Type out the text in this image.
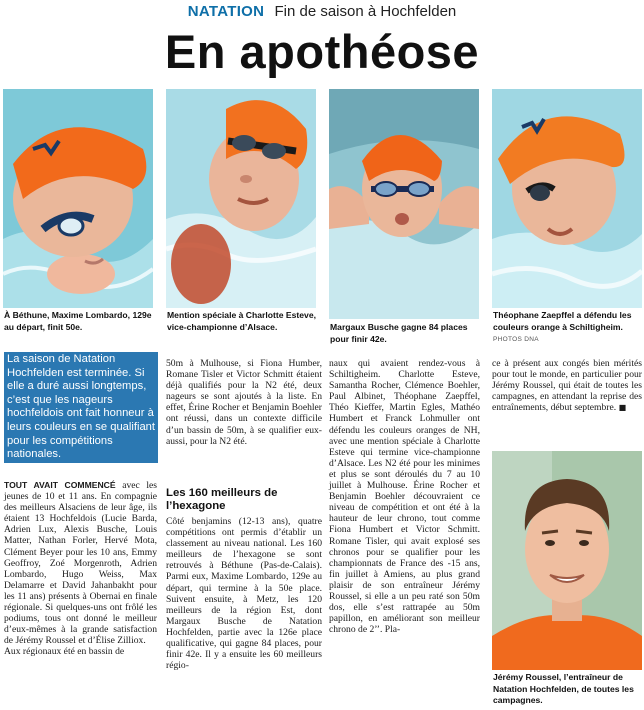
NATATION Fin de saison à Hochfelden
En apothéose
À Béthune, Maxime Lombardo, 129e au départ, finit 50e.
Mention spéciale à Charlotte Esteve, vice-championne d’Alsace.	Margaux Busche gagne 84 places pour finir 42e.
Théophane Zaepffel a défendu les couleurs orange à Schiltigheim. PHOTOS DNA
Jérémy Roussel, l’entraîneur de Natation Hochfelden, de toutes les campagnes.
La saison de Natation Hochfelden est terminée. Si elle a duré aussi longtemps, c’est que les nageurs hochfeldois ont fait honneur à leurs couleurs en se qualifiant pour les compétitions nationales.
TOUT AVAIT COMMENCÉ avec les jeunes de 10 et 11 ans. En compagnie des meilleurs Alsaciens de leur âge, ils étaient 13 Hochfeldois (Lucie Barda, Adrien Lux, Alexis Busche, Louis Matter, Nathan Forler, Hervé Mota, Clément Beyer pour les 10 ans, Emmy Geoffroy, Zoé Morgenroth, Adrien Lombardo, Hugo Weiss, Max Delamarre et David Jahanbakht pour les 11 ans) présents à Obernai en finale régionale. Si quelques-uns ont frôlé les podiums, tous ont donné le meilleur d’eux-mêmes à la grande satisfaction de Jérémy Roussel et d’Élise Zilliox.
Aux régionaux été en bassin de
50m à Mulhouse, si Fiona Humber, Romane Tisler et Victor Schmitt étaient déjà qualifiés pour la N2 été, deux nageurs se sont ajoutés à la liste. En effet, Érine Rocher et Benjamin Boehler ont réussi, dans un contexte difficile d’un bassin de 50m, à se qualifier eux-aussi, pour la N2 été.
Les 160 meilleurs de l’hexagone
Côté benjamins (12-13 ans), quatre compétitions ont permis d’établir un classement au niveau national. Les 160 meilleurs de l’hexagone se sont retrouvés à Béthune (Pas-de-Calais). Parmi eux, Maxime Lombardo, 129e au départ, qui termine à la 50e place. Suivent ensuite, à Metz, les 120 meilleurs de la région Est, dont Margaux Busche de Natation Hochfelden, partie avec la 126e place qualificative, qui gagne 84 places, pour finir 42e. Il y a ensuite les 60 meilleurs régio-
naux qui avaient rendez-vous à Schiltigheim. Charlotte Esteve, Samantha Rocher, Clémence Boehler, Paul Albinet, Théophane Zaepffel, Théo Kieffer, Martin Egles, Mathéo Humbert et Franck Lohmuller ont défendu les couleurs oranges de NH, avec une mention spéciale à Charlotte Esteve qui termine vice-championne d’Alsace. Les N2 été pour les minimes et plus se sont déroulés du 7 au 10 juillet à Mulhouse. Érine Rocher et Benjamin Boehler découvraient ce niveau de compétition et ont été à la hauteur de leur chrono, tout comme Fiona Humbert et Victor Schmitt. Romane Tisler, qui avait explosé ses chronos pour se qualifier pour les championnats de France des -15 ans, fin juillet à Amiens, au plus grand plaisir de son entraîneur Jérémy Roussel, si elle a un peu raté son 50m dos, elle s’est rattrapée au 50m papillon, en améliorant son meilleur chrono de 2’’. Pla-
ce à présent aux congés bien mérités pour tout le monde, en particulier pour Jérémy Roussel, qui était de toutes les campagnes, en attendant la reprise des entraînements, début septembre. ■
